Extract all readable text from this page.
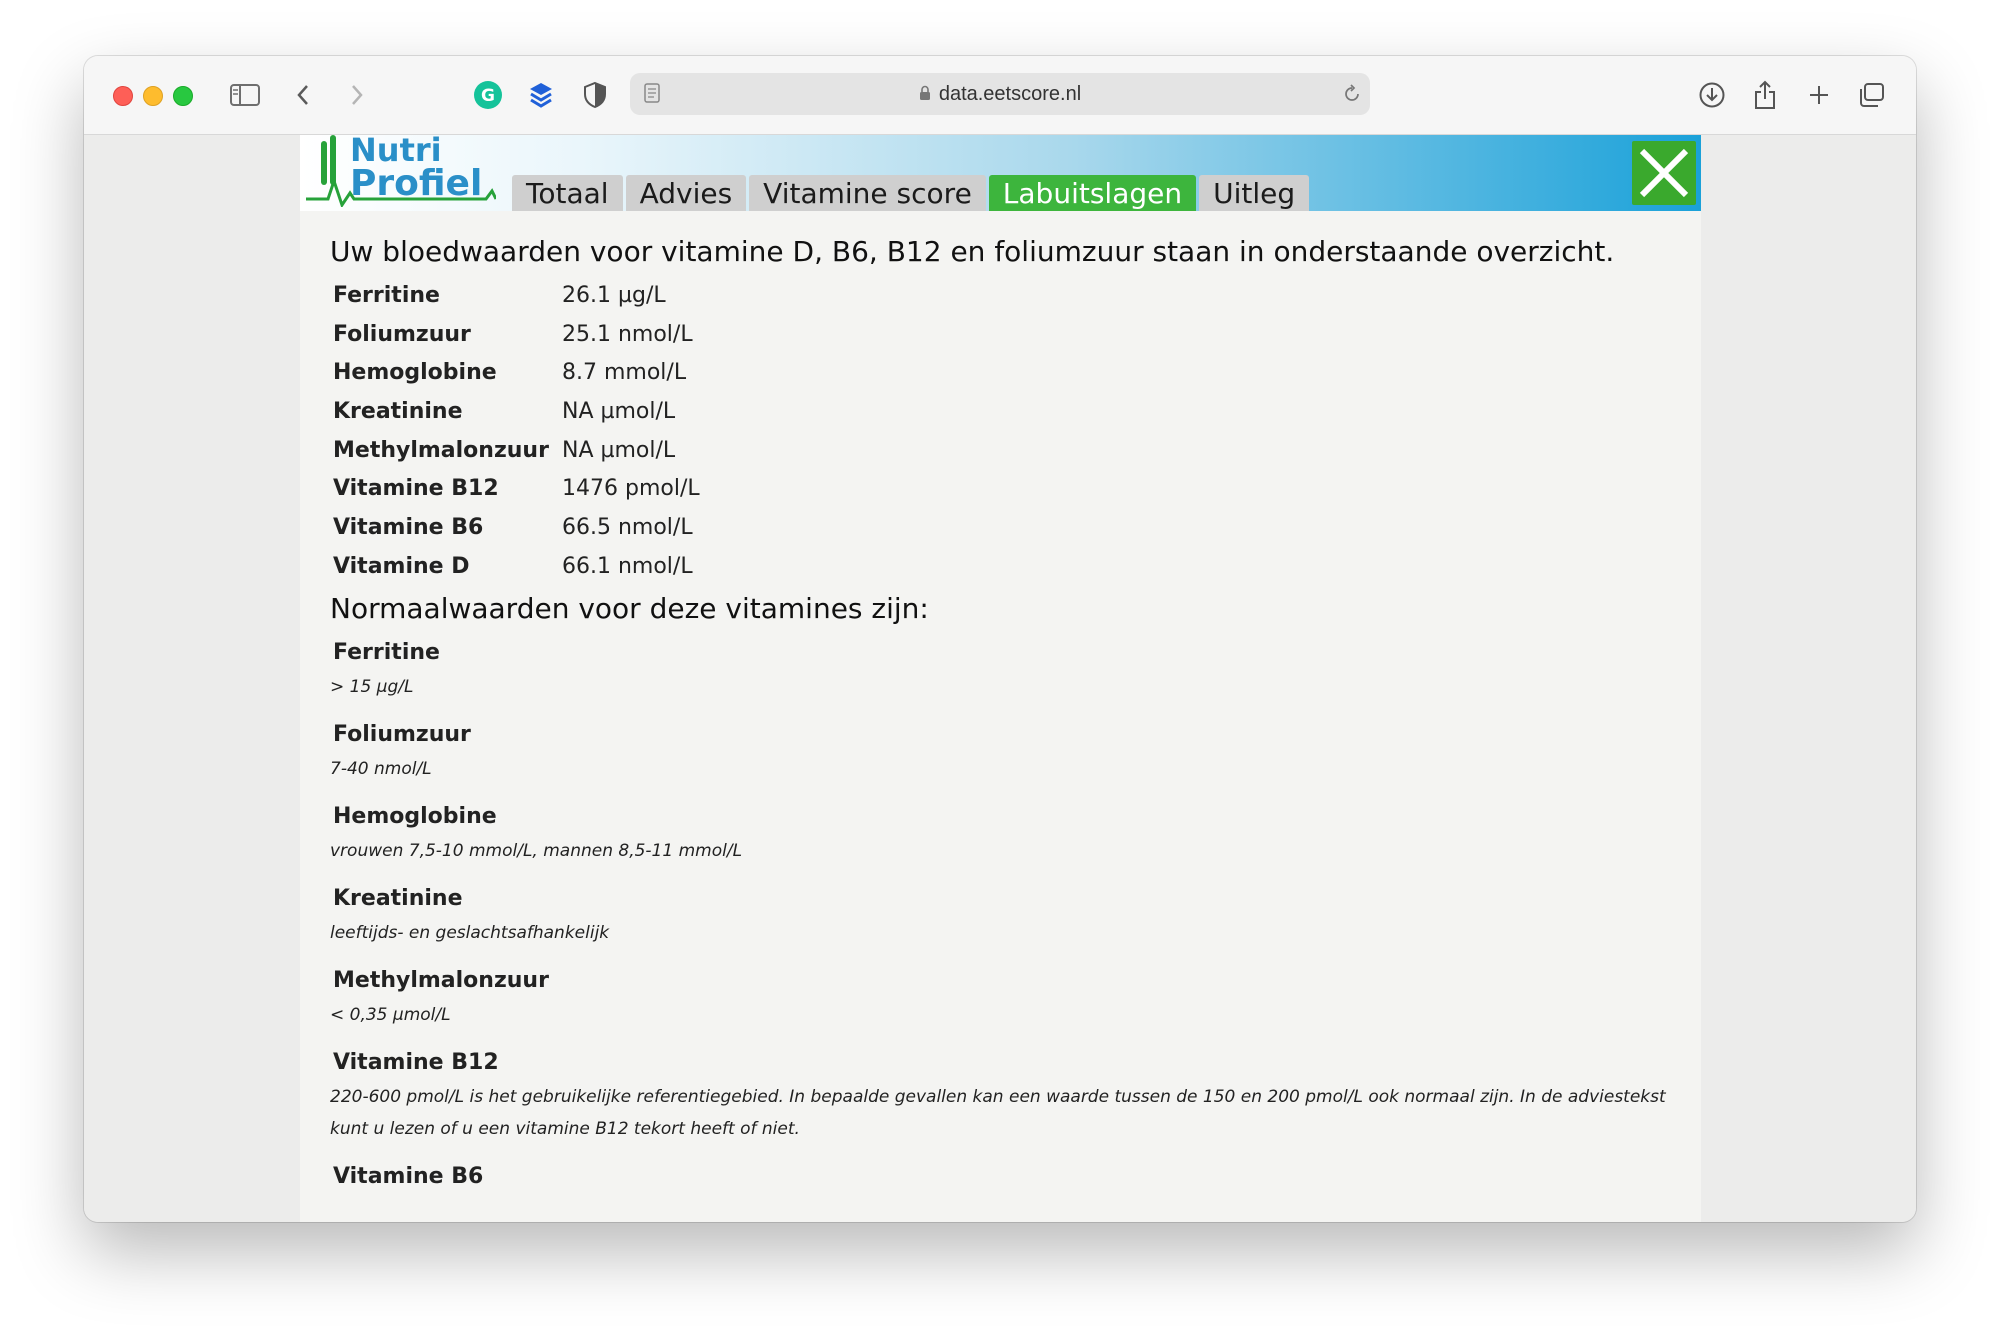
G	data.eetscore.nl
Nutri
Profiel	Totaal	Advies	Vitamine score	Labuitslagen	Uitleg
Uw bloedwaarden voor vitamine D, B6, B12 en foliumzuur staan in onderstaande overzicht.
Ferritine	26.1 µg/L
Foliumzuur	25.1 nmol/L
Hemoglobine	8.7 mmol/L
Kreatinine	NA µmol/L
Methylmalonzuur	NA µmol/L
Vitamine B12	1476 pmol/L
Vitamine B6	66.5 nmol/L
Vitamine D	66.1 nmol/L
Normaalwaarden voor deze vitamines zijn:
Ferritine
> 15 µg/L
Foliumzuur
7-40 nmol/L
Hemoglobine
vrouwen 7,5-10 mmol/L, mannen 8,5-11 mmol/L
Kreatinine
leeftijds- en geslachtsafhankelijk
Methylmalonzuur
< 0,35 µmol/L
Vitamine B12
220-600 pmol/L is het gebruikelijke referentiegebied. In bepaalde gevallen kan een waarde tussen de 150 en 200 pmol/L ook normaal zijn. In de adviestekst kunt u lezen of u een vitamine B12 tekort heeft of niet.
Vitamine B6
